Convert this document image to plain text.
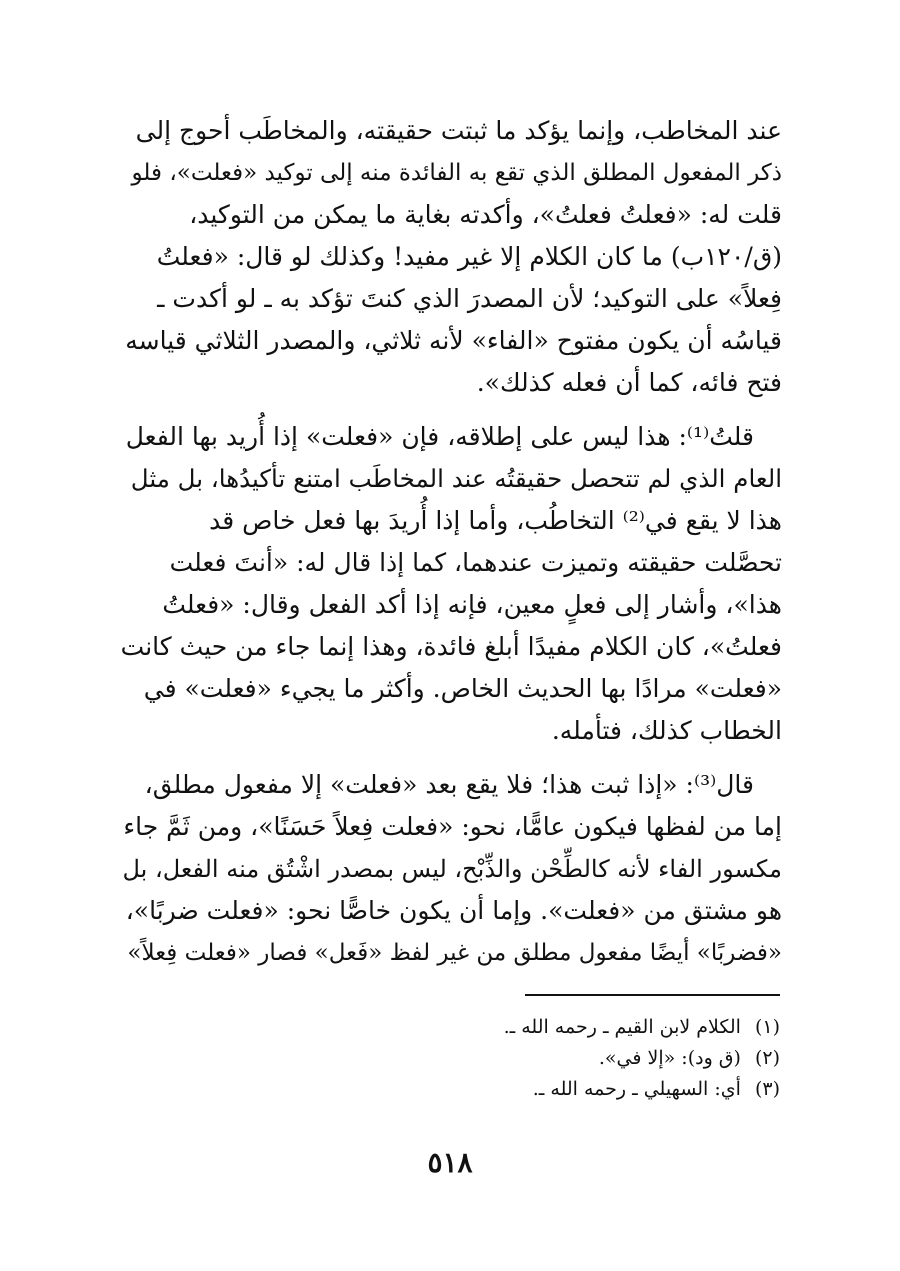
عند المخاطب، وإنما يؤكد ما ثبتت حقيقته، والمخاطَب أحوج إلى
ذكر المفعول المطلق الذي تقع به الفائدة منه إلى توكيد «فعلت»، فلو
قلت له: «فعلتُ فعلتُ»، وأكدته بغاية ما يمكن من التوكيد،
(ق/١٢٠ب) ما كان الكلام إلا غير مفيد! وكذلك لو قال: «فعلتُ
فِعلاً» على التوكيد؛ لأن المصدرَ الذي كنتَ تؤكد به ـ لو أكدت ـ
قياسُه أن يكون مفتوح «الفاء» لأنه ثلاثي، والمصدر الثلاثي قياسه
فتح فائه، كما أن فعله كذلك».
قلتُ⁽¹⁾: هذا ليس على إطلاقه، فإن «فعلت» إذا أُريد بها الفعل
العام الذي لم تتحصل حقيقتُه عند المخاطَب امتنع تأكيدُها، بل مثل
هذا لا يقع في⁽²⁾ التخاطُب، وأما إذا أُريدَ بها فعل خاص قد
تحصَّلت حقيقته وتميزت عندهما، كما إذا قال له: «أنتَ فعلت
هذا»، وأشار إلى فعلٍ معين، فإنه إذا أكد الفعل وقال: «فعلتُ
فعلتُ»، كان الكلام مفيدًا أبلغ فائدة، وهذا إنما جاء من حيث كانت
«فعلت» مرادًا بها الحديث الخاص. وأكثر ما يجيء «فعلت» في
الخطاب كذلك، فتأمله.
قال⁽³⁾: «إذا ثبت هذا؛ فلا يقع بعد «فعلت» إلا مفعول مطلق،
إما من لفظها فيكون عامًّا، نحو: «فعلت فِعلاً حَسَنًا»، ومن ثَمَّ جاء
مكسور الفاء لأنه كالطِّحْن والذِّبْح، ليس بمصدر اشْتُق منه الفعل، بل
هو مشتق من «فعلت». وإما أن يكون خاصًّا نحو: «فعلت ضربًا»،
«فضربًا» أيضًا مفعول مطلق من غير لفظ «فَعل» فصار «فعلت فِعلاً»
(١)الكلام لابن القيم ـ رحمه الله ـ.
(٢)(ق ود): «إلا في».
(٣)أي: السهيلي ـ رحمه الله ـ.
٥١٨
